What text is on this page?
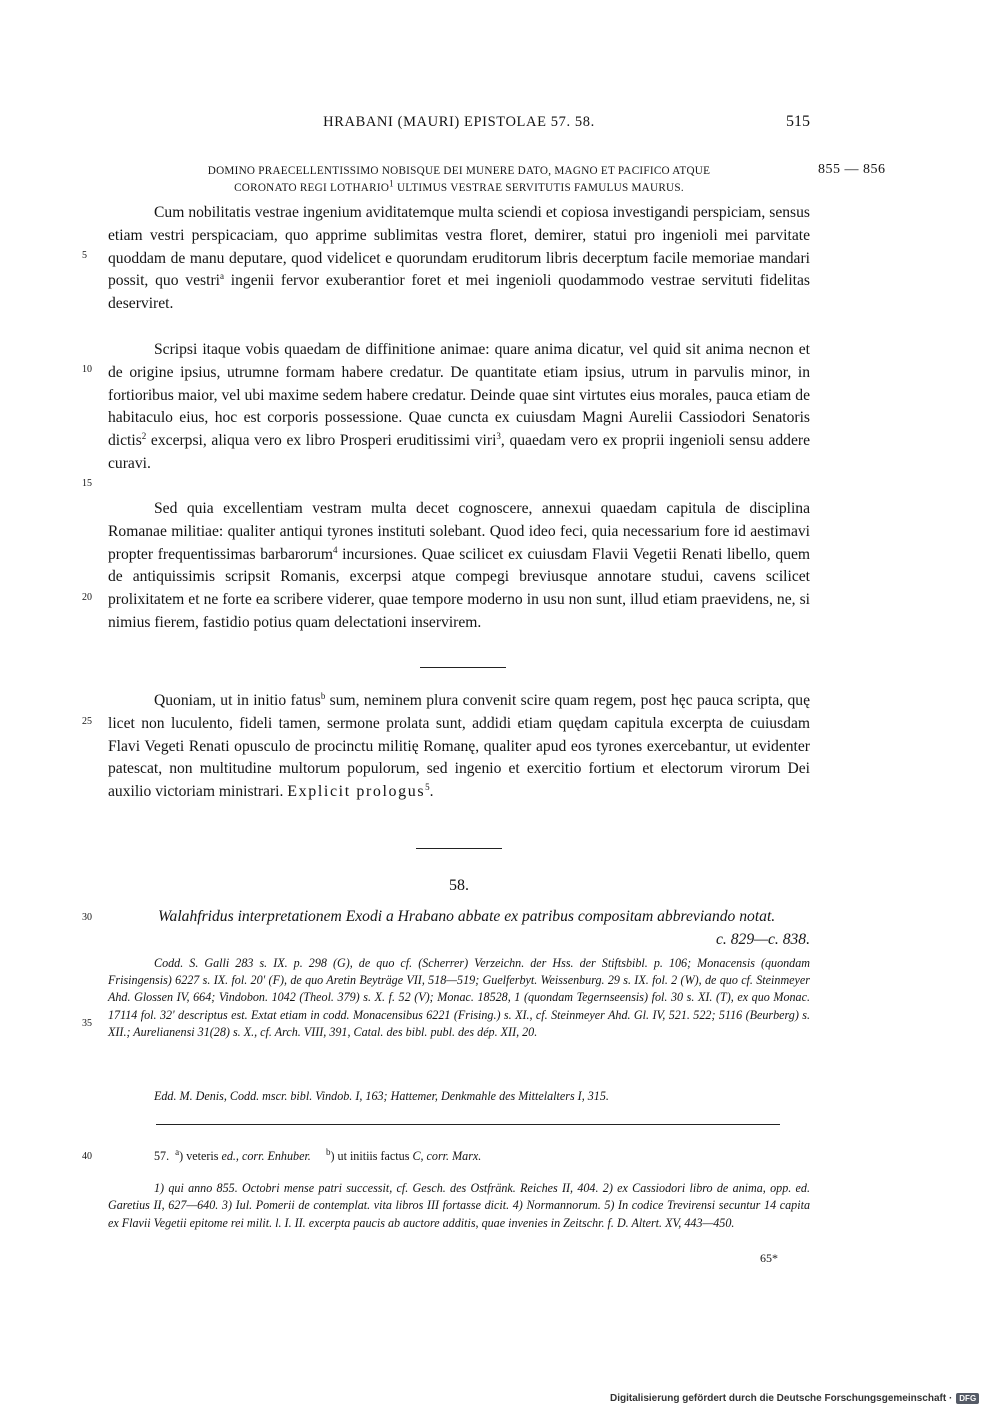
HRABANI (MAURI) EPISTOLAE 57. 58.	515
DOMINO PRAECELLENTISSIMO NOBISQUE DEI MUNERE DATO, MAGNO ET PACIFICO ATQUE
CORONATO REGI LOTHARIO$^1$ ULTIMUS VESTRAE SERVITUTIS FAMULUS MAURUS.
855 — 856

Cum nobilitatis vestrae ingenium aviditatemque multa sciendi et copiosa investigandi perspiciam, sensus etiam vestri perspicaciam, quo apprime sublimitas vestra floret, demirer, statui pro ingenioli mei parvitate quoddam de manu deputare, quod videlicet e quorundam eruditorum libris decerptum facile memoriae mandari possit, quo vestri$^a$ ingenii fervor exuberantior foret et mei ingenioli quodammodo vestrae servituti fidelitas deserviret.

Scripsi itaque vobis quaedam de diffinitione animae: quare anima dicatur, vel quid sit anima necnon et de origine ipsius, utrumne formam habere credatur. De quantitate etiam ipsius, utrum in parvulis minor, in fortioribus maior, vel ubi maxime sedem habere credatur. Deinde quae sint virtutes eius morales, pauca etiam de habitaculo eius, hoc est corporis possessione. Quae cuncta ex cuiusdam Magni Aurelii Cassiodori Senatoris dictis$^2$ excerpsi, aliqua vero ex libro Prosperi eruditissimi viri$^3$, quaedam vero ex proprii ingenioli sensu addere curavi.

Sed quia excellentiam vestram multa decet cognoscere, annexui quaedam capitula de disciplina Romanae militiae: qualiter antiqui tyrones instituti solebant. Quod ideo feci, quia necessarium fore id aestimavi propter frequentissimas barbarorum$^4$ incursiones. Quae scilicet ex cuiusdam Flavii Vegetii Renati libello, quem de antiquissimis scripsit Romanis, excerpsi atque compegi breviusque annotare studui, cavens scilicet prolixitatem et ne forte ea scribere viderer, quae tempore moderno in usu non sunt, illud etiam praevidens, ne, si nimius fierem, fastidio potius quam delectationi inservirem.

Quoniam, ut in initio fatus$^b$ sum, neminem plura convenit scire quam regem, post hęc pauca scripta, quę licet non luculento, fideli tamen, sermone prolata sunt, addidi etiam quędam capitula excerpta de cuiusdam Flavi Vegeti Renati opusculo de procinctu militię Romanę, qualiter apud eos tyrones exercebantur, ut evidenter patescat, non multitudine multorum populorum, sed ingenio et exercitio fortium et electorum virorum Dei auxilio victoriam ministrari. Explicit prologus$^5$.

5
10
15
20
25
30
35
40
58.

Walahfridus interpretationem Exodi a Hrabano abbate ex patribus compositam abbreviando notat.
c. 829—c. 838.

Codd. S. Galli 283 s. IX. p. 298 (G), de quo cf. (Scherrer) Verzeichn. der Hss. der Stiftsbibl. p. 106; Monacensis (quondam Frisingensis) 6227 s. IX. fol. 20' (F), de quo Aretin Beyträge VII, 518—519; Guelferbyt. Weissenburg. 29 s. IX. fol. 2 (W), de quo cf. Steinmeyer Ahd. Glossen IV, 664; Vindobon. 1042 (Theol. 379) s. X. f. 52 (V); Monac. 18528, 1 (quondam Tegernseensis) fol. 30 s. XI. (T), ex quo Monac. 17114 fol. 32' descriptus est. Extat etiam in codd. Monacensibus 6221 (Frising.) s. XI., cf. Steinmeyer Ahd. Gl. IV, 521. 522; 5116 (Beurberg) s. XII.; Aurelianensi 31(28) s. X., cf. Arch. VIII, 391, Catal. des bibl. publ. des dép. XII, 20.

Edd. M. Denis, Codd. mscr. bibl. Vindob. I, 163; Hattemer, Denkmahle des Mittelalters I, 315.

57. $^a$) veteris ed., corr. Enhuber. $^b$) ut initiis factus C, corr. Marx.

1) qui anno 855. Octobri mense patri successit, cf. Gesch. des Ostfränk. Reiches II, 404. 2) ex Cassiodori libro de anima, opp. ed. Garetius II, 627—640. 3) Iul. Pomerii de contemplat. vita libros III fortasse dicit. 4) Normannorum. 5) In codice Trevirensi secuntur 14 capita ex Flavii Vegetii epitome rei milit. l. I. II. excerpta paucis ab auctore additis, quae invenies in Zeitschr. f. D. Altert. XV, 443—450.

65*
Digitalisierung gefördert durch die Deutsche Forschungsgemeinschaft · DFG
